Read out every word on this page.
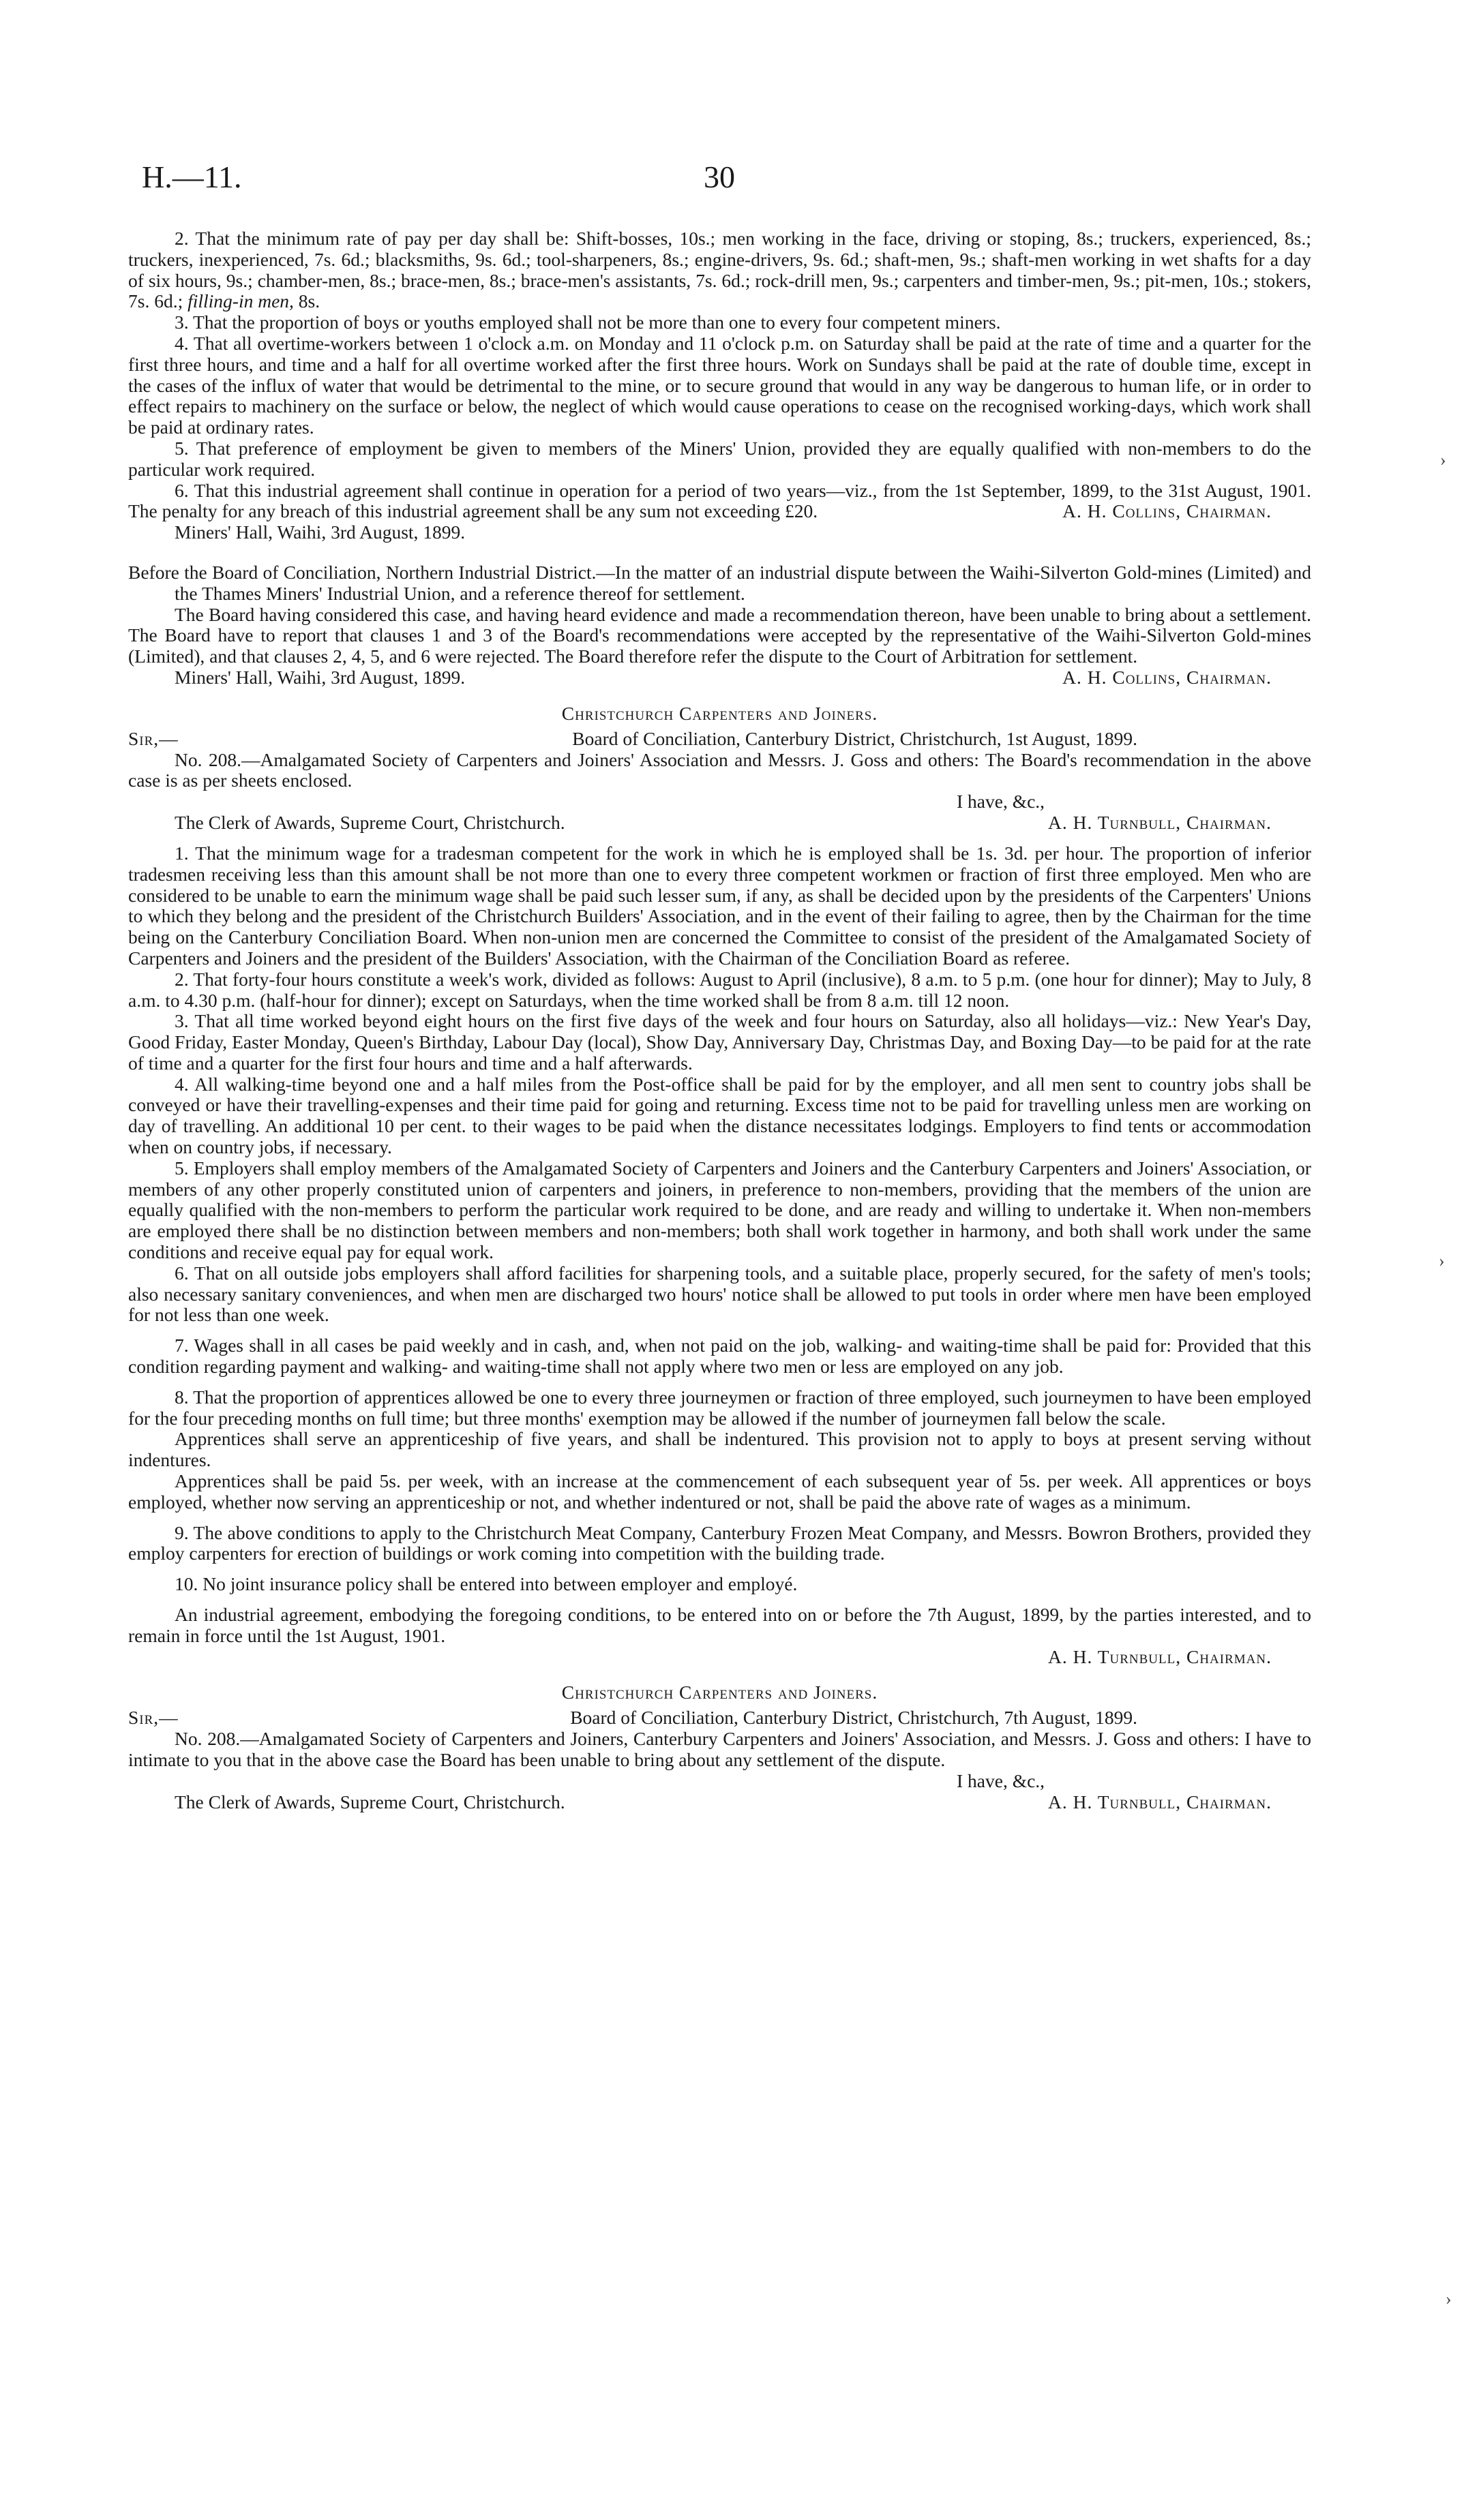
H.—11.	30
›
›
›

2. That the minimum rate of pay per day shall be: Shift-bosses, 10s.; men working in the face, driving or stoping, 8s.; truckers, experienced, 8s.; truckers, inexperienced, 7s. 6d.; blacksmiths, 9s. 6d.; tool-sharpeners, 8s.; engine-drivers, 9s. 6d.; shaft-men, 9s.; shaft-men working in wet shafts for a day of six hours, 9s.; chamber-men, 8s.; brace-men, 8s.; brace-men's assistants, 7s. 6d.; rock-drill men, 9s.; carpenters and timber-men, 9s.; pit-men, 10s.; stokers, 7s. 6d.; filling-in men, 8s.

3. That the proportion of boys or youths employed shall not be more than one to every four competent miners.

4. That all overtime-workers between 1 o'clock a.m. on Monday and 11 o'clock p.m. on Saturday shall be paid at the rate of time and a quarter for the first three hours, and time and a half for all overtime worked after the first three hours. Work on Sundays shall be paid at the rate of double time, except in the cases of the influx of water that would be detrimental to the mine, or to secure ground that would in any way be dangerous to human life, or in order to effect repairs to machinery on the surface or below, the neglect of which would cause operations to cease on the recognised working-days, which work shall be paid at ordinary rates.

5. That preference of employment be given to members of the Miners' Union, provided they are equally qualified with non-members to do the particular work required.

6. That this industrial agreement shall continue in operation for a period of two years—viz., from the 1st September, 1899, to the 31st August, 1901. The penalty for any breach of this industrial agreement shall be any sum not exceeding £20.	A. H. Collins, Chairman.

Miners' Hall, Waihi, 3rd August, 1899.

Before the Board of Conciliation, Northern Industrial District.—In the matter of an industrial dispute between the Waihi-Silverton Gold-mines (Limited) and the Thames Miners' Industrial Union, and a reference thereof for settlement.

The Board having considered this case, and having heard evidence and made a recommendation thereon, have been unable to bring about a settlement. The Board have to report that clauses 1 and 3 of the Board's recommendations were accepted by the representative of the Waihi-Silverton Gold-mines (Limited), and that clauses 2, 4, 5, and 6 were rejected. The Board therefore refer the dispute to the Court of Arbitration for settlement.

Miners' Hall, Waihi, 3rd August, 1899.	A. H. Collins, Chairman.

Christchurch Carpenters and Joiners.
Sir,—	Board of Conciliation, Canterbury District, Christchurch, 1st August, 1899.

No. 208.—Amalgamated Society of Carpenters and Joiners' Association and Messrs. J. Goss and others: The Board's recommendation in the above case is as per sheets enclosed.

I have, &c.,

The Clerk of Awards, Supreme Court, Christchurch.	A. H. Turnbull, Chairman.

1. That the minimum wage for a tradesman competent for the work in which he is employed shall be 1s. 3d. per hour. The proportion of inferior tradesmen receiving less than this amount shall be not more than one to every three competent workmen or fraction of first three employed. Men who are considered to be unable to earn the minimum wage shall be paid such lesser sum, if any, as shall be decided upon by the presidents of the Carpenters' Unions to which they belong and the president of the Christchurch Builders' Association, and in the event of their failing to agree, then by the Chairman for the time being on the Canterbury Conciliation Board. When non-union men are concerned the Committee to consist of the president of the Amalgamated Society of Carpenters and Joiners and the president of the Builders' Association, with the Chairman of the Conciliation Board as referee.

2. That forty-four hours constitute a week's work, divided as follows: August to April (inclusive), 8 a.m. to 5 p.m. (one hour for dinner); May to July, 8 a.m. to 4.30 p.m. (half-hour for dinner); except on Saturdays, when the time worked shall be from 8 a.m. till 12 noon.

3. That all time worked beyond eight hours on the first five days of the week and four hours on Saturday, also all holidays—viz.: New Year's Day, Good Friday, Easter Monday, Queen's Birthday, Labour Day (local), Show Day, Anniversary Day, Christmas Day, and Boxing Day—to be paid for at the rate of time and a quarter for the first four hours and time and a half afterwards.

4. All walking-time beyond one and a half miles from the Post-office shall be paid for by the employer, and all men sent to country jobs shall be conveyed or have their travelling-expenses and their time paid for going and returning. Excess time not to be paid for travelling unless men are working on day of travelling. An additional 10 per cent. to their wages to be paid when the distance necessitates lodgings. Employers to find tents or accommodation when on country jobs, if necessary.

5. Employers shall employ members of the Amalgamated Society of Carpenters and Joiners and the Canterbury Carpenters and Joiners' Association, or members of any other properly constituted union of carpenters and joiners, in preference to non-members, providing that the members of the union are equally qualified with the non-members to perform the particular work required to be done, and are ready and willing to undertake it. When non-members are employed there shall be no distinction between members and non-members; both shall work together in harmony, and both shall work under the same conditions and receive equal pay for equal work.

6. That on all outside jobs employers shall afford facilities for sharpening tools, and a suitable place, properly secured, for the safety of men's tools; also necessary sanitary conveniences, and when men are discharged two hours' notice shall be allowed to put tools in order where men have been employed for not less than one week.

7. Wages shall in all cases be paid weekly and in cash, and, when not paid on the job, walking- and waiting-time shall be paid for: Provided that this condition regarding payment and walking- and waiting-time shall not apply where two men or less are employed on any job.

8. That the proportion of apprentices allowed be one to every three journeymen or fraction of three employed, such journeymen to have been employed for the four preceding months on full time; but three months' exemption may be allowed if the number of journeymen fall below the scale.

Apprentices shall serve an apprenticeship of five years, and shall be indentured. This provision not to apply to boys at present serving without indentures.

Apprentices shall be paid 5s. per week, with an increase at the commencement of each subsequent year of 5s. per week. All apprentices or boys employed, whether now serving an apprenticeship or not, and whether indentured or not, shall be paid the above rate of wages as a minimum.

9. The above conditions to apply to the Christchurch Meat Company, Canterbury Frozen Meat Company, and Messrs. Bowron Brothers, provided they employ carpenters for erection of buildings or work coming into competition with the building trade.

10. No joint insurance policy shall be entered into between employer and employé.

An industrial agreement, embodying the foregoing conditions, to be entered into on or before the 7th August, 1899, by the parties interested, and to remain in force until the 1st August, 1901.

A. H. Turnbull, Chairman.

Christchurch Carpenters and Joiners.
Sir,—	Board of Conciliation, Canterbury District, Christchurch, 7th August, 1899.

No. 208.—Amalgamated Society of Carpenters and Joiners, Canterbury Carpenters and Joiners' Association, and Messrs. J. Goss and others: I have to intimate to you that in the above case the Board has been unable to bring about any settlement of the dispute.

I have, &c.,

The Clerk of Awards, Supreme Court, Christchurch.	A. H. Turnbull, Chairman.
